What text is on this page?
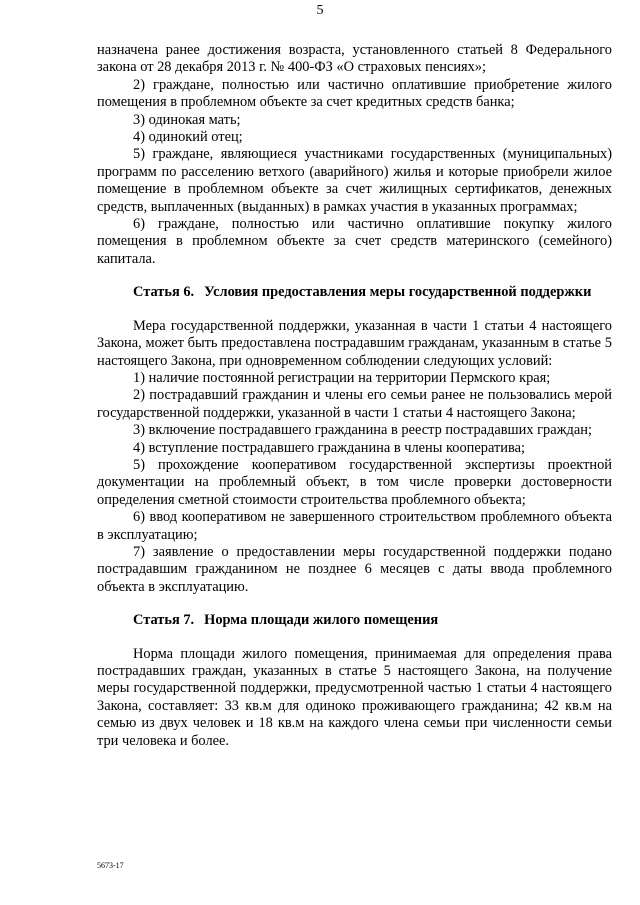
5

назначена ранее достижения возраста, установленного статьей 8 Федерального закона от 28 декабря 2013 г. № 400-ФЗ «О страховых пенсиях»;

2) граждане, полностью или частично оплатившие приобретение жилого помещения в проблемном объекте за счет кредитных средств банка;

3) одинокая мать;

4) одинокий отец;

5) граждане, являющиеся участниками государственных (муниципальных) программ по расселению ветхого (аварийного) жилья и которые приобрели жилое помещение в проблемном объекте за счет жилищных сертификатов, денежных средств, выплаченных (выданных) в рамках участия в указанных программах;

6) граждане, полностью или частично оплатившие покупку жилого помещения в проблемном объекте за счет средств материнского (семейного) капитала.

Статья 6. Условия предоставления меры государственной поддержки

Мера государственной поддержки, указанная в части 1 статьи 4 настоящего Закона, может быть предоставлена пострадавшим гражданам, указанным в статье 5 настоящего Закона, при одновременном соблюдении следующих условий:

1) наличие постоянной регистрации на территории Пермского края;

2) пострадавший гражданин и члены его семьи ранее не пользовались мерой государственной поддержки, указанной в части 1 статьи 4 настоящего Закона;

3) включение пострадавшего гражданина в реестр пострадавших граждан;

4) вступление пострадавшего гражданина в члены кооператива;

5) прохождение кооперативом государственной экспертизы проектной документации на проблемный объект, в том числе проверки достоверности определения сметной стоимости строительства проблемного объекта;

6) ввод кооперативом не завершенного строительством проблемного объекта в эксплуатацию;

7) заявление о предоставлении меры государственной поддержки подано пострадавшим гражданином не позднее 6 месяцев с даты ввода проблемного объекта в эксплуатацию.

Статья 7. Норма площади жилого помещения

Норма площади жилого помещения, принимаемая для определения права пострадавших граждан, указанных в статье 5 настоящего Закона, на получение меры государственной поддержки, предусмотренной частью 1 статьи 4 настоящего Закона, составляет: 33 кв.м для одиноко проживающего гражданина; 42 кв.м на семью из двух человек и 18 кв.м на каждого члена семьи при численности семьи три человека и более.

5673-17
